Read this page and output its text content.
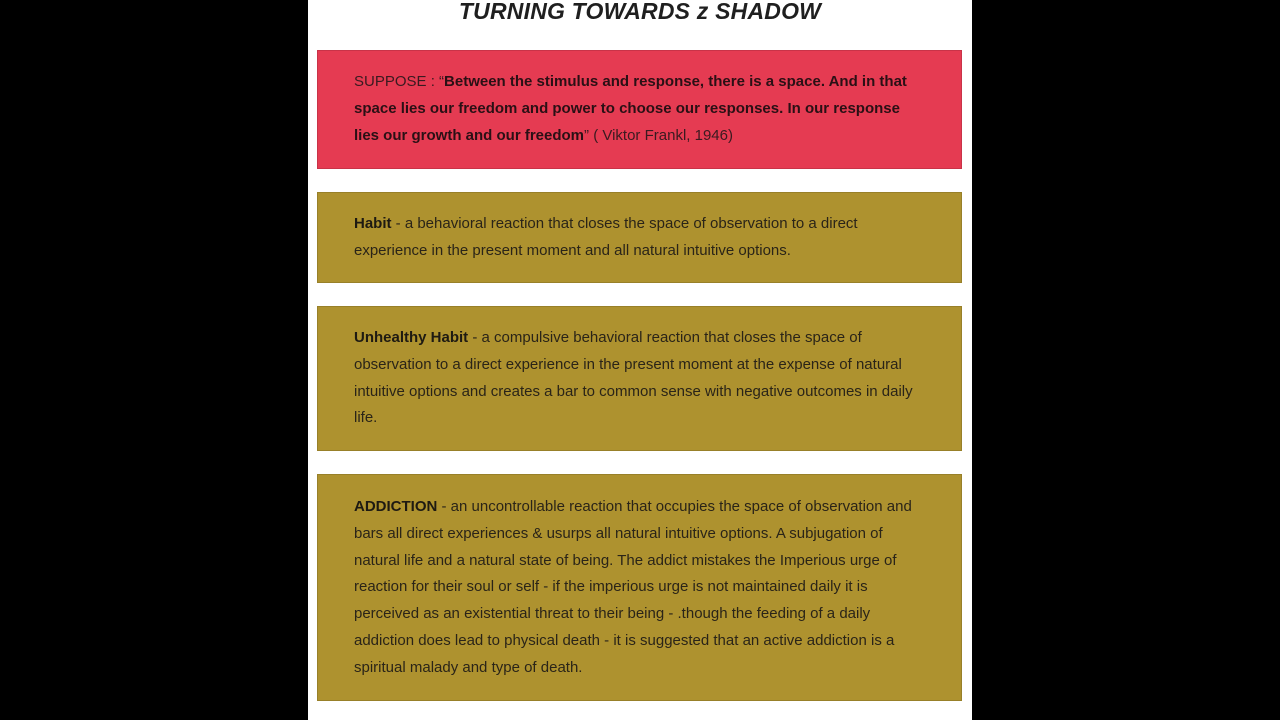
TURNING TOWARDS z SHADOW
SUPPOSE : “Between the stimulus and response, there is a space. And in that space lies our freedom and power to choose our responses. In our response lies our growth and our freedom” ( Viktor Frankl, 1946)
Habit - a behavioral reaction that closes the space of observation to a direct experience in the present moment and all natural intuitive options.
Unhealthy Habit - a compulsive behavioral reaction that closes the space of observation to a direct experience in the present moment at the expense of natural intuitive options and creates a bar to common sense with negative outcomes in daily life.
ADDICTION - an uncontrollable reaction that occupies the space of observation and bars all direct experiences & usurps all natural intuitive options. A subjugation of natural life and a natural state of being. The addict mistakes the Imperious urge of reaction for their soul or self - if the imperious urge is not maintained daily it is perceived as an existential threat to their being - .though the feeding of a daily addiction does lead to physical death - it is suggested that an active addiction is a spiritual malady and type of death.
